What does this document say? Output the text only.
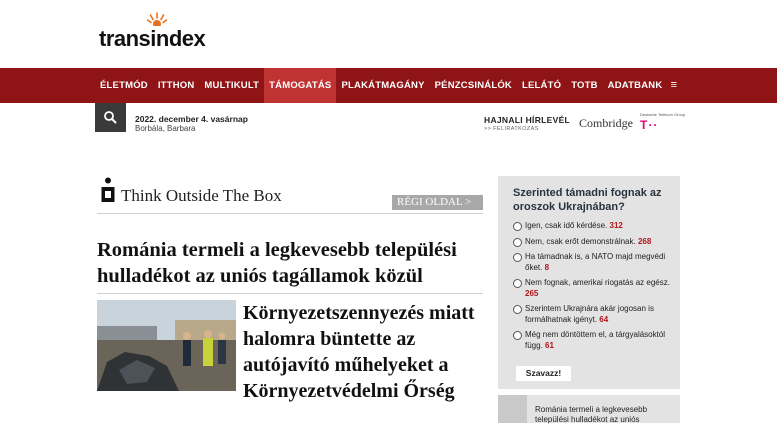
transindex
ÉLETMÓD	ITTHON	MULTIKULT	TÁMOGATÁS	PLAKÁTMAGÁNY	PÉNZCSINÁLÓK	LELÁTÓ	TOTB	ADATBANK ≡
2022. december 4. vasárnap
Borbála, Barbara
HAJNALI HÍRLEVÉL
>> FELIRATKOZÁS	Combridge
Deutsche Telekom Group
T··
Think Outside The Box	RÉGI OLDAL >
Románia termeli a legkevesebb települési hulladékot az uniós tagállamok közül
Környezetszennyezés miatt halomra büntette az autójavító műhelyeket a Környezetvédelmi Őrség
Szerinted támadni fognak az oroszok Ukrajnában?
Igen, csak idő kérdése. 312
Nem, csak erőt demonstrálnak. 268
Ha támadnak is, a NATO majd megvédi őket. 8
Nem fognak, amerikai riogatás az egész. 265
Szerintem Ukrajnára akár jogosan is formálhatnak igényt. 64
Még nem döntöttem el, a tárgyalásoktól függ. 61
Szavazz!
Románia termeli a legkevesebb települési hulladékot az uniós
